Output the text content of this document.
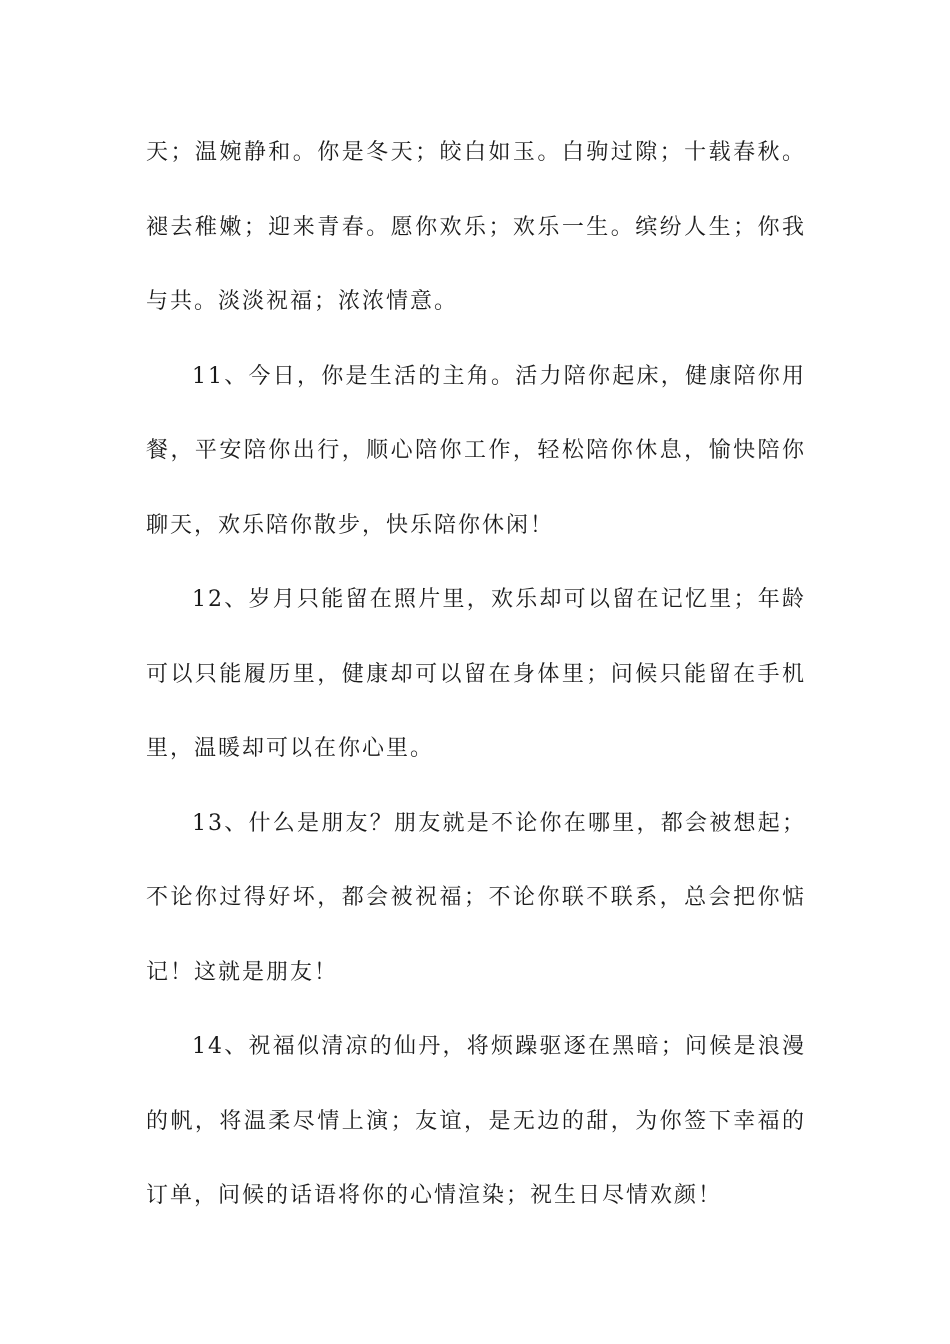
天；温婉静和。你是冬天；皎白如玉。白驹过隙；十载春秋。褪去稚嫩；迎来青春。愿你欢乐；欢乐一生。缤纷人生；你我与共。淡淡祝福；浓浓情意。

11、今日，你是生活的主角。活力陪你起床，健康陪你用餐，平安陪你出行，顺心陪你工作，轻松陪你休息，愉快陪你聊天，欢乐陪你散步，快乐陪你休闲！

12、岁月只能留在照片里，欢乐却可以留在记忆里；年龄可以只能履历里，健康却可以留在身体里；问候只能留在手机里，温暖却可以在你心里。

13、什么是朋友？朋友就是不论你在哪里，都会被想起；不论你过得好坏，都会被祝福；不论你联不联系，总会把你惦记！这就是朋友！

14、祝福似清凉的仙丹，将烦躁驱逐在黑暗；问候是浪漫的帆，将温柔尽情上演；友谊，是无边的甜，为你签下幸福的订单，问候的话语将你的心情渲染；祝生日尽情欢颜！
